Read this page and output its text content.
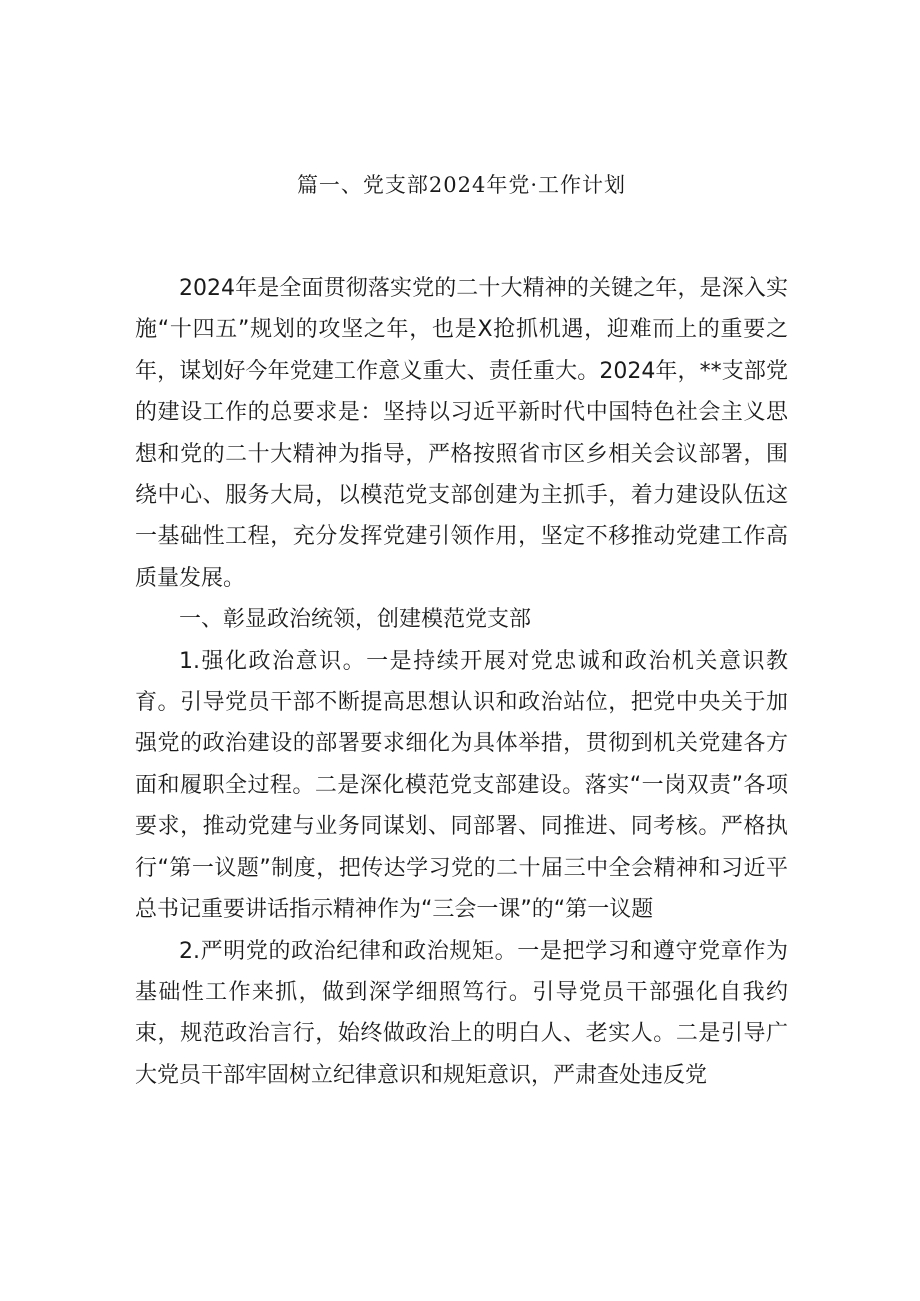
篇一、党支部2024年党·工作计划

2024年是全面贯彻落实党的二十大精神的关键之年，是深入实施“十四五”规划的攻坚之年，也是X抢抓机遇，迎难而上的重要之年，谋划好今年党建工作意义重大、责任重大。2024年，**支部党的建设工作的总要求是：坚持以习近平新时代中国特色社会主义思想和党的二十大精神为指导，严格按照省市区乡相关会议部署，围绕中心、服务大局，以模范党支部创建为主抓手，着力建设队伍这一基础性工程，充分发挥党建引领作用，坚定不移推动党建工作高质量发展。

一、彰显政治统领，创建模范党支部

1.强化政治意识。一是持续开展对党忠诚和政治机关意识教育。引导党员干部不断提高思想认识和政治站位，把党中央关于加强党的政治建设的部署要求细化为具体举措，贯彻到机关党建各方面和履职全过程。二是深化模范党支部建设。落实“一岗双责”各项要求，推动党建与业务同谋划、同部署、同推进、同考核。严格执行“第一议题”制度，把传达学习党的二十届三中全会精神和习近平总书记重要讲话指示精神作为“三会一课”的“第一议题

2.严明党的政治纪律和政治规矩。一是把学习和遵守党章作为基础性工作来抓，做到深学细照笃行。引导党员干部强化自我约束，规范政治言行，始终做政治上的明白人、老实人。二是引导广大党员干部牢固树立纪律意识和规矩意识，严肃查处违反党
